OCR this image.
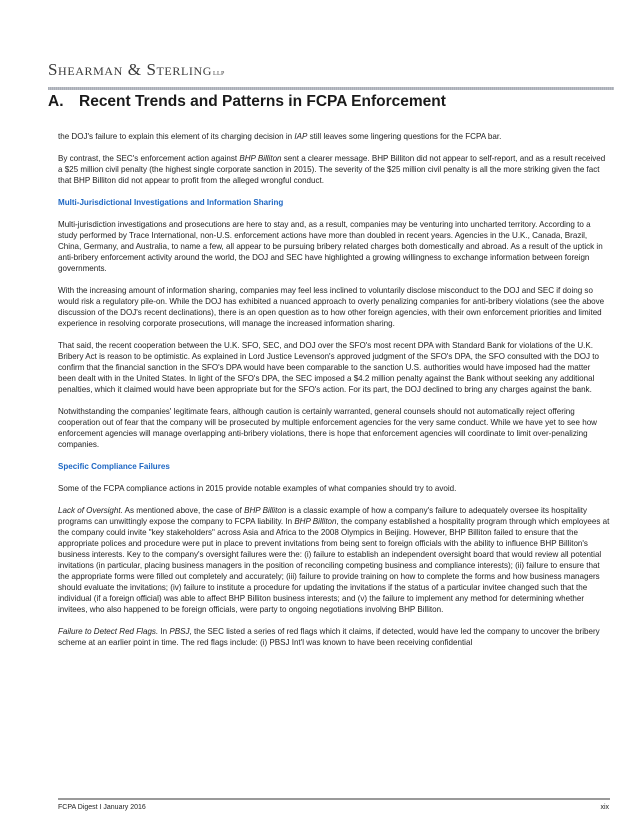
Shearman & SterlingLLP
A. Recent Trends and Patterns in FCPA Enforcement

the DOJ's failure to explain this element of its charging decision in IAP still leaves some lingering questions for the FCPA bar.

By contrast, the SEC's enforcement action against BHP Billiton sent a clearer message. BHP Billiton did not appear to self-report, and as a result received a $25 million civil penalty (the highest single corporate sanction in 2015). The severity of the $25 million civil penalty is all the more striking given the fact that BHP Billiton did not appear to profit from the alleged wrongful conduct.

Multi-Jurisdictional Investigations and Information Sharing

Multi-jurisdiction investigations and prosecutions are here to stay and, as a result, companies may be venturing into uncharted territory. According to a study performed by Trace International, non-U.S. enforcement actions have more than doubled in recent years. Agencies in the U.K., Canada, Brazil, China, Germany, and Australia, to name a few, all appear to be pursuing bribery related charges both domestically and abroad. As a result of the uptick in anti-bribery enforcement activity around the world, the DOJ and SEC have highlighted a growing willingness to exchange information between foreign governments.

With the increasing amount of information sharing, companies may feel less inclined to voluntarily disclose misconduct to the DOJ and SEC if doing so would risk a regulatory pile-on. While the DOJ has exhibited a nuanced approach to overly penalizing companies for anti-bribery violations (see the above discussion of the DOJ's recent declinations), there is an open question as to how other foreign agencies, with their own enforcement priorities and limited experience in resolving corporate prosecutions, will manage the increased information sharing.

That said, the recent cooperation between the U.K. SFO, SEC, and DOJ over the SFO's most recent DPA with Standard Bank for violations of the U.K. Bribery Act is reason to be optimistic. As explained in Lord Justice Levenson's approved judgment of the SFO's DPA, the SFO consulted with the DOJ to confirm that the financial sanction in the SFO's DPA would have been comparable to the sanction U.S. authorities would have imposed had the matter been dealt with in the United States. In light of the SFO's DPA, the SEC imposed a $4.2 million penalty against the Bank without seeking any additional penalties, which it claimed would have been appropriate but for the SFO's action. For its part, the DOJ declined to bring any charges against the bank.

Notwithstanding the companies' legitimate fears, although caution is certainly warranted, general counsels should not automatically reject offering cooperation out of fear that the company will be prosecuted by multiple enforcement agencies for the very same conduct. While we have yet to see how enforcement agencies will manage overlapping anti-bribery violations, there is hope that enforcement agencies will coordinate to limit over-penalizing companies.

Specific Compliance Failures

Some of the FCPA compliance actions in 2015 provide notable examples of what companies should try to avoid.

Lack of Oversight. As mentioned above, the case of BHP Billiton is a classic example of how a company's failure to adequately oversee its hospitality programs can unwittingly expose the company to FCPA liability. In BHP Billiton, the company established a hospitality program through which employees at the company could invite "key stakeholders" across Asia and Africa to the 2008 Olympics in Beijing. However, BHP Billiton failed to ensure that the appropriate polices and procedure were put in place to prevent invitations from being sent to foreign officials with the ability to influence BHP Billiton's business interests. Key to the company's oversight failures were the: (i) failure to establish an independent oversight board that would review all potential invitations (in particular, placing business managers in the position of reconciling competing business and compliance interests); (ii) failure to ensure that the appropriate forms were filled out completely and accurately; (iii) failure to provide training on how to complete the forms and how business managers should evaluate the invitations; (iv) failure to institute a procedure for updating the invitations if the status of a particular invitee changed such that the individual (if a foreign official) was able to affect BHP Billiton business interests; and (v) the failure to implement any method for determining whether invitees, who also happened to be foreign officials, were party to ongoing negotiations involving BHP Billiton.

Failure to Detect Red Flags. In PBSJ, the SEC listed a series of red flags which it claims, if detected, would have led the company to uncover the bribery scheme at an earlier point in time. The red flags include: (i) PBSJ Int'l was known to have been receiving confidential

FCPA Digest I January 2016	xix
